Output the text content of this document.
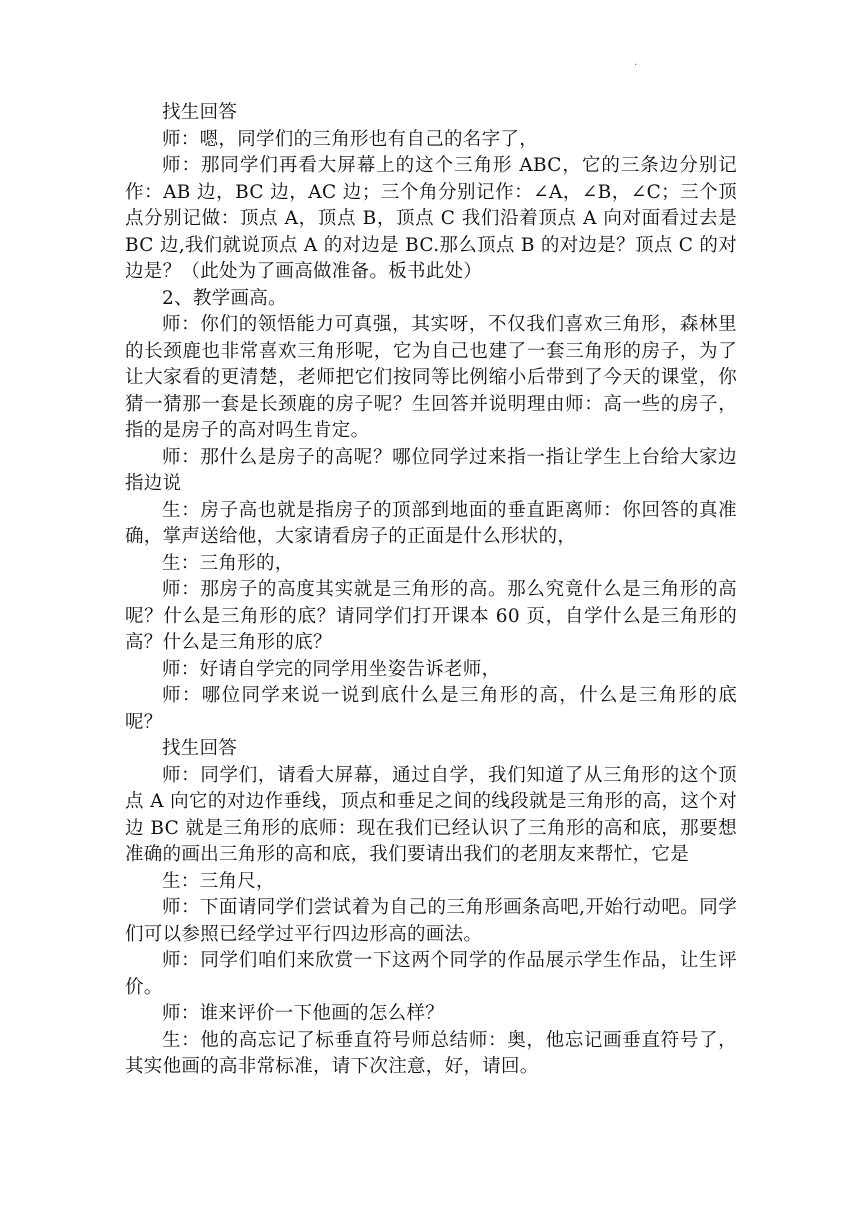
.

找生回答

师：嗯，同学们的三角形也有自己的名字了，

师：那同学们再看大屏幕上的这个三角形 ABC，它的三条边分别记作：AB 边，BC 边，AC 边；三个角分别记作：∠A，∠B，∠C；三个顶点分别记做：顶点 A，顶点 B，顶点 C 我们沿着顶点 A 向对面看过去是 BC 边,我们就说顶点 A 的对边是 BC.那么顶点 B 的对边是？顶点 C 的对边是？（此处为了画高做准备。板书此处）

2、教学画高。

师：你们的领悟能力可真强，其实呀，不仅我们喜欢三角形，森林里的长颈鹿也非常喜欢三角形呢，它为自己也建了一套三角形的房子，为了让大家看的更清楚，老师把它们按同等比例缩小后带到了今天的课堂，你猜一猜那一套是长颈鹿的房子呢？生回答并说明理由师：高一些的房子，指的是房子的高对吗生肯定。

师：那什么是房子的高呢？哪位同学过来指一指让学生上台给大家边指边说

生：房子高也就是指房子的顶部到地面的垂直距离师：你回答的真准确，掌声送给他，大家请看房子的正面是什么形状的，

生：三角形的，

师：那房子的高度其实就是三角形的高。那么究竟什么是三角形的高呢？什么是三角形的底？请同学们打开课本 60 页，自学什么是三角形的高？什么是三角形的底？

师：好请自学完的同学用坐姿告诉老师，

师：哪位同学来说一说到底什么是三角形的高，什么是三角形的底呢？

找生回答

师：同学们，请看大屏幕，通过自学，我们知道了从三角形的这个顶点 A 向它的对边作垂线，顶点和垂足之间的线段就是三角形的高，这个对边 BC 就是三角形的底师：现在我们已经认识了三角形的高和底，那要想准确的画出三角形的高和底，我们要请出我们的老朋友来帮忙，它是

生：三角尺，

师：下面请同学们尝试着为自己的三角形画条高吧,开始行动吧。同学们可以参照已经学过平行四边形高的画法。

师：同学们咱们来欣赏一下这两个同学的作品展示学生作品，让生评价。

师：谁来评价一下他画的怎么样？

生：他的高忘记了标垂直符号师总结师：奥，他忘记画垂直符号了，其实他画的高非常标准，请下次注意，好，请回。
